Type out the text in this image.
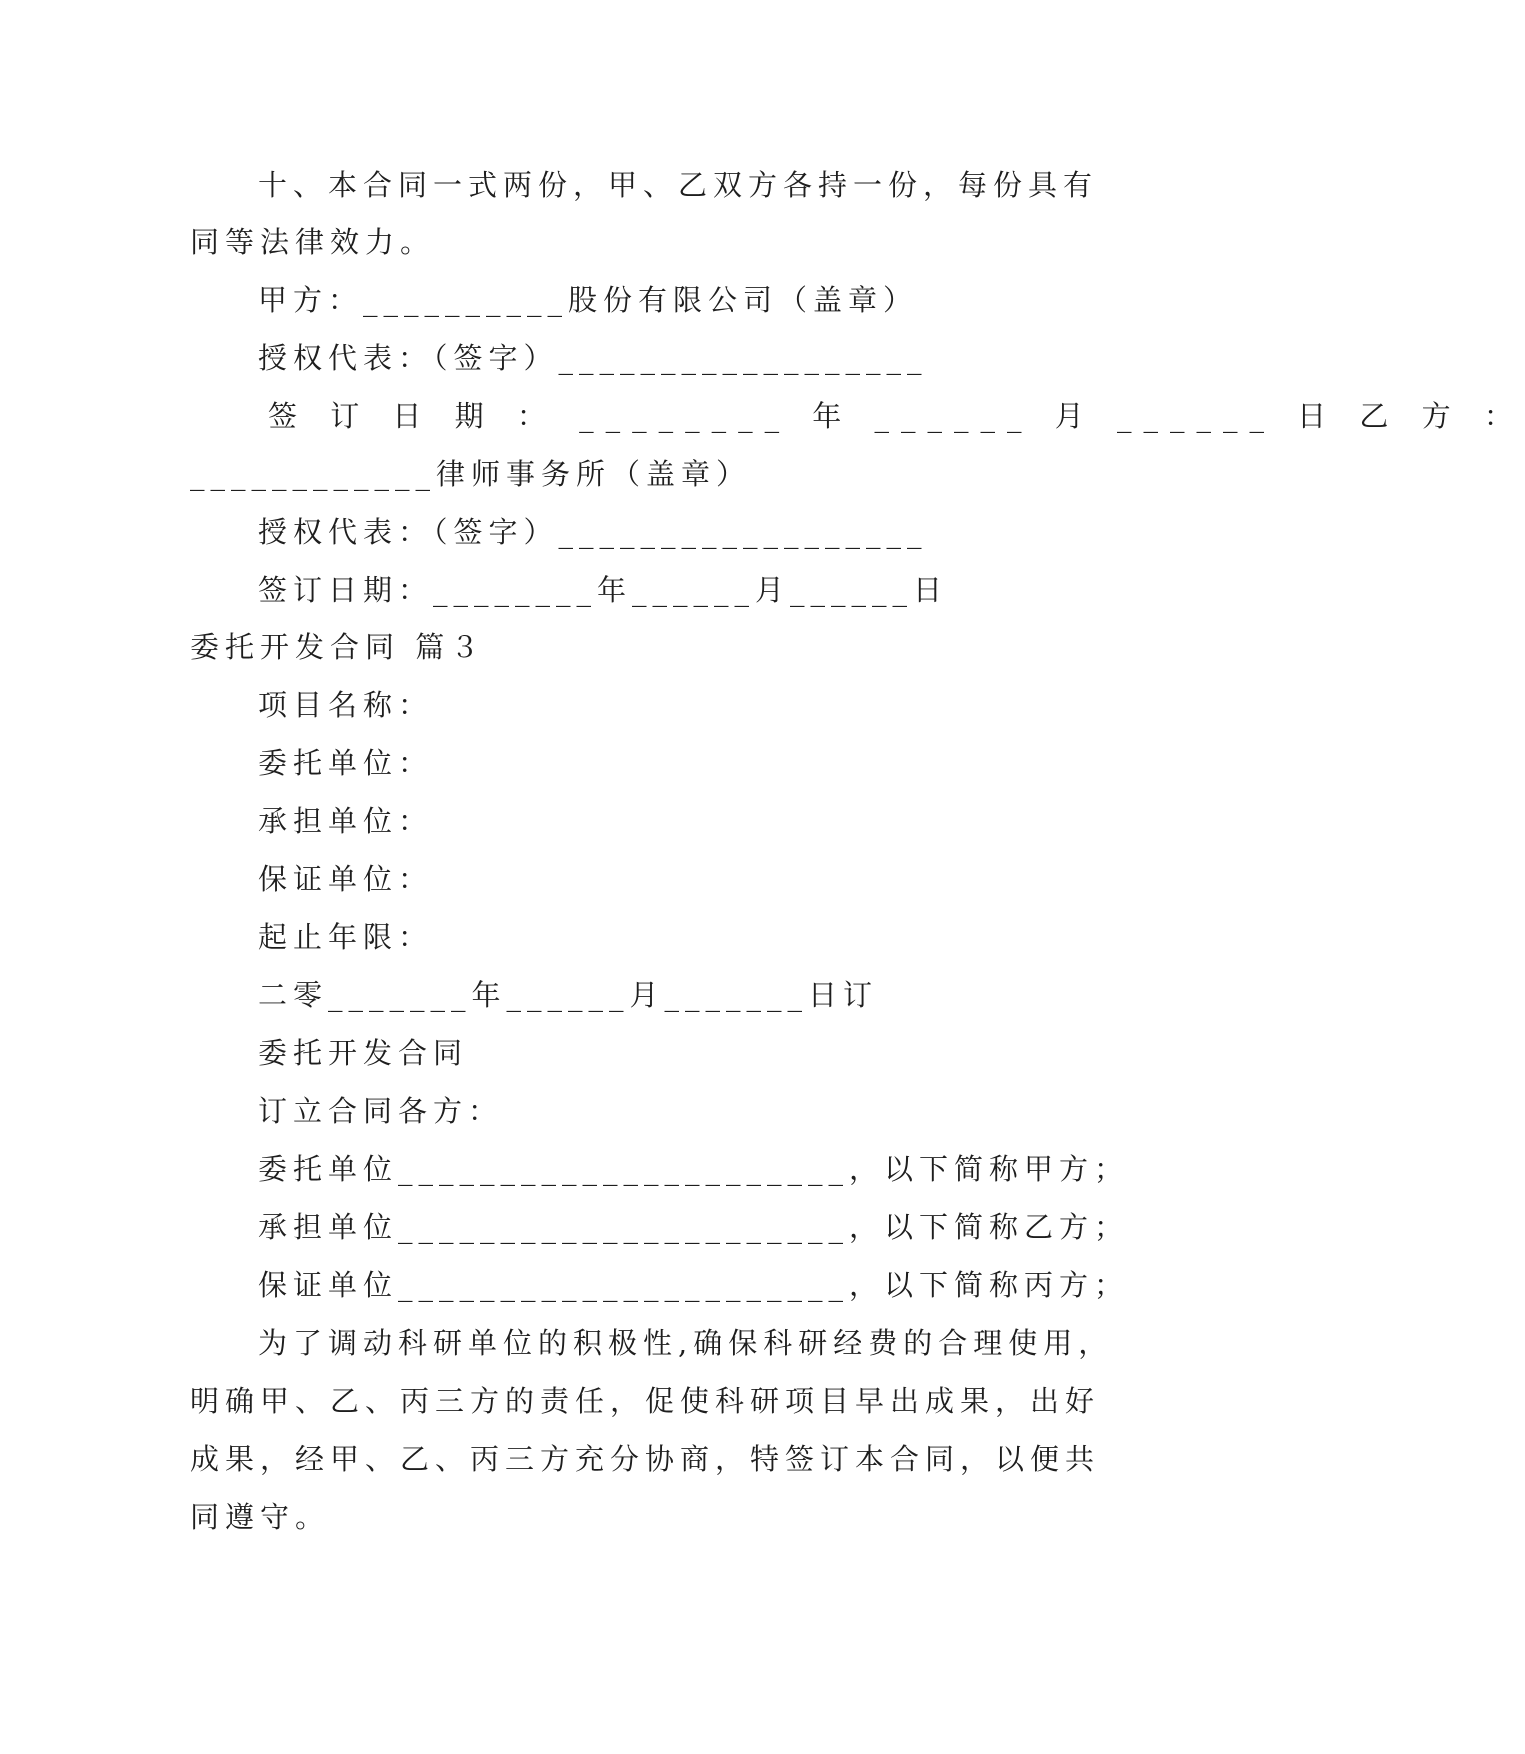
十、本合同一式两份，甲、乙双方各持一份，每份具有
同等法律效力。
甲方：__________股份有限公司（盖章）
授权代表：（签字）__________________
签 订 日 期 ： ________ 年 ______ 月 ______ 日 乙 方 ：
____________律师事务所（盖章）
授权代表：（签字）__________________
签订日期：________年______月______日
委托开发合同 篇３
项目名称：
委托单位：
承担单位：
保证单位：
起止年限：
二零_______年______月_______日订
委托开发合同
订立合同各方：
委托单位______________________，以下简称甲方；
承担单位______________________，以下简称乙方；
保证单位______________________，以下简称丙方；
为了调动科研单位的积极性,确保科研经费的合理使用，
明确甲、乙、丙三方的责任，促使科研项目早出成果，出好
成果，经甲、乙、丙三方充分协商，特签订本合同，以便共
同遵守。
